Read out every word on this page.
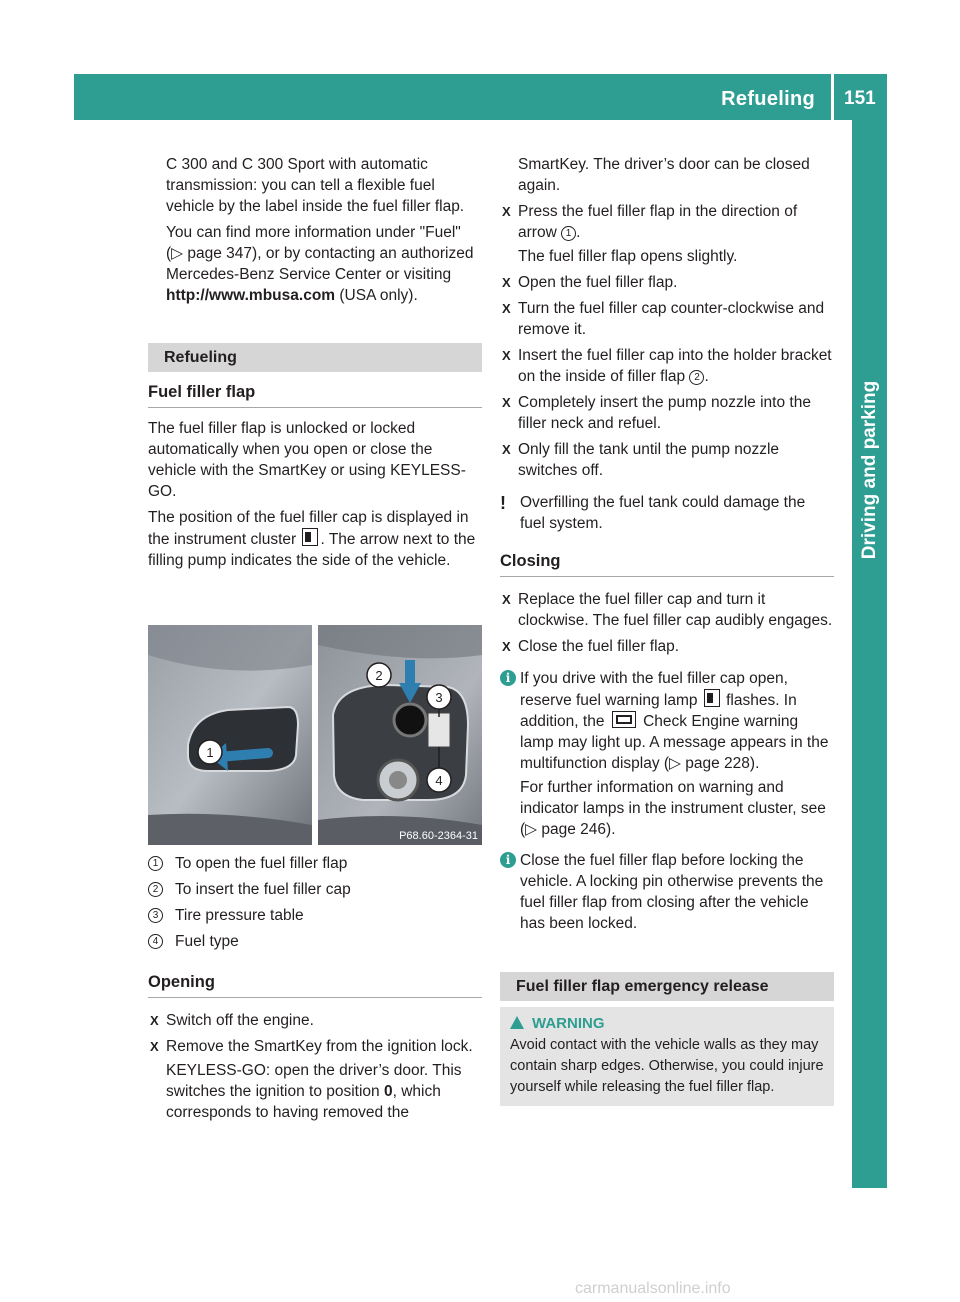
Refueling 151
Driving and parking

C 300 and C 300 Sport with automatic transmission: you can tell a flexible fuel vehicle by the label inside the fuel filler flap.

You can find more information under "Fuel" (▷ page 347), or by contacting an authorized Mercedes-Benz Service Center or visiting http://www.mbusa.com (USA only).

Refueling
Fuel filler flap

The fuel filler flap is unlocked or locked automatically when you open or close the vehicle with the SmartKey or using KEYLESS-GO.

The position of the fuel filler cap is displayed in the instrument cluster . The arrow next to the filling pump indicates the side of the vehicle.

1
2
3
4
P68.60-2364-31
1	To open the fuel filler flap
2	To insert the fuel filler cap
3	Tire pressure table
4	Fuel type
Opening
X Switch off the engine.
X Remove the SmartKey from the ignition lock.

KEYLESS-GO: open the driver’s door. This switches the ignition to position 0, which corresponds to having removed the

SmartKey. The driver’s door can be closed again.

X Press the fuel filler flap in the direction of arrow 1 .

The fuel filler flap opens slightly.

X Open the fuel filler flap.
X Turn the fuel filler cap counter-clockwise and remove it.
X Insert the fuel filler cap into the holder bracket on the inside of filler flap 2 .
X Completely insert the pump nozzle into the filler neck and refuel.
X Only fill the tank until the pump nozzle switches off.
! Overfilling the fuel tank could damage the fuel system.
Closing
X Replace the fuel filler cap and turn it clockwise. The fuel filler cap audibly engages.
X Close the fuel filler flap.
i If you drive with the fuel filler cap open, reserve fuel warning lamp  flashes. In addition, the  Check Engine warning lamp may light up. A message appears in the multifunction display (▷ page 228).

For further information on warning and indicator lamps in the instrument cluster, see (▷ page 246).

i Close the fuel filler flap before locking the vehicle. A locking pin otherwise prevents the fuel filler flap from closing after the vehicle has been locked.
Fuel filler flap emergency release
WARNING

Avoid contact with the vehicle walls as they may contain sharp edges. Otherwise, you could injure yourself while releasing the fuel filler flap.

carmanualsonline.info
